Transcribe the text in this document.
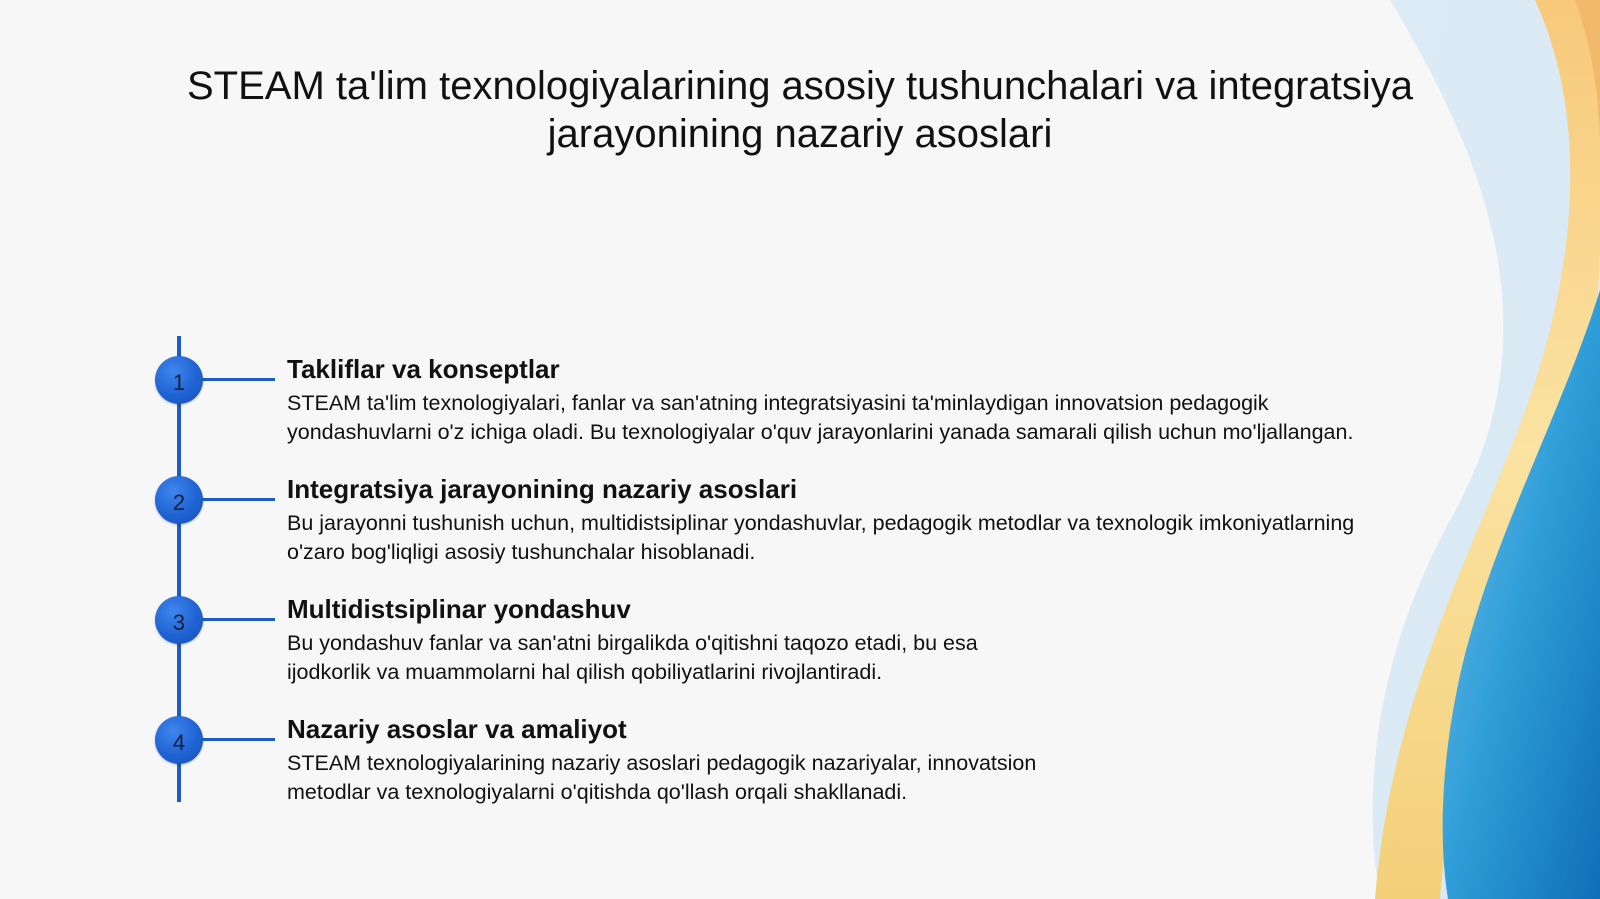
STEAM ta'lim texnologiyalarining asosiy tushunchalari va integratsiya
jarayonining nazariy asoslari
1	Takliflar va konseptlar

STEAM ta'lim texnologiyalari, fanlar va san'atning integratsiyasini ta'minlaydigan innovatsion pedagogik
yondashuvlarni o'z ichiga oladi. Bu texnologiyalar o'quv jarayonlarini yanada samarali qilish uchun mo'ljallangan.

2	Integratsiya jarayonining nazariy asoslari

Bu jarayonni tushunish uchun, multidistsiplinar yondashuvlar, pedagogik metodlar va texnologik imkoniyatlarning
o'zaro bog'liqligi asosiy tushunchalar hisoblanadi.

3	Multidistsiplinar yondashuv

Bu yondashuv fanlar va san'atni birgalikda o'qitishni taqozo etadi, bu esa
ijodkorlik va muammolarni hal qilish qobiliyatlarini rivojlantiradi.

4	Nazariy asoslar va amaliyot

STEAM texnologiyalarining nazariy asoslari pedagogik nazariyalar, innovatsion
metodlar va texnologiyalarni o'qitishda qo'llash orqali shakllanadi.
